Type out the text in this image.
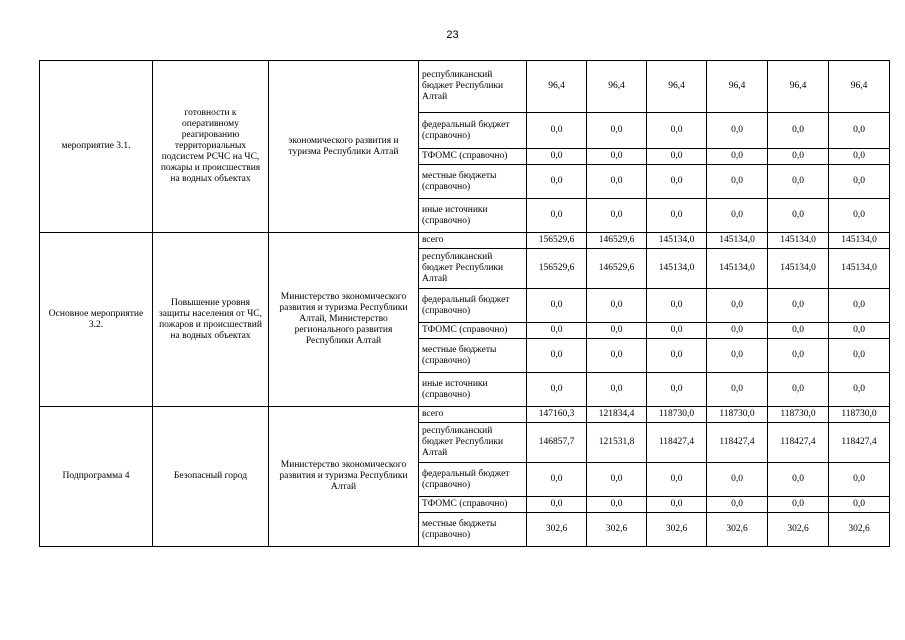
23
мероприятие 3.1.	готовности к оперативному реагированию территориальных подсистем РСЧС на ЧС, пожары и происшествия на водных объектах	экономического развития и туризма Республики Алтай	республиканский бюджет Республики Алтай	96,4	96,4	96,4	96,4	96,4	96,4
			федеральный бюджет (справочно)	0,0	0,0	0,0	0,0	0,0	0,0
			ТФОМС (справочно)	0,0	0,0	0,0	0,0	0,0	0,0
			местные бюджеты (справочно)	0,0	0,0	0,0	0,0	0,0	0,0
			иные источники (справочно)	0,0	0,0	0,0	0,0	0,0	0,0
Основное мероприятие 3.2.	Повышение уровня защиты населения от ЧС, пожаров и происшествий на водных объектах	Министерство экономического развития и туризма Республики Алтай, Министерство регионального развития Республики Алтай	всего	156529,6	146529,6	145134,0	145134,0	145134,0	145134,0
			республиканский бюджет Республики Алтай	156529,6	146529,6	145134,0	145134,0	145134,0	145134,0
			федеральный бюджет (справочно)	0,0	0,0	0,0	0,0	0,0	0,0
			ТФОМС (справочно)	0,0	0,0	0,0	0,0	0,0	0,0
			местные бюджеты (справочно)	0,0	0,0	0,0	0,0	0,0	0,0
			иные источники (справочно)	0,0	0,0	0,0	0,0	0,0	0,0
Подпрограмма 4	Безопасный город	Министерство экономического развития и туризма Республики Алтай	всего	147160,3	121834,4	118730,0	118730,0	118730,0	118730,0
			республиканский бюджет Республики Алтай	146857,7	121531,8	118427,4	118427,4	118427,4	118427,4
			федеральный бюджет (справочно)	0,0	0,0	0,0	0,0	0,0	0,0
			ТФОМС (справочно)	0,0	0,0	0,0	0,0	0,0	0,0
			местные бюджеты (справочно)	302,6	302,6	302,6	302,6	302,6	302,6
